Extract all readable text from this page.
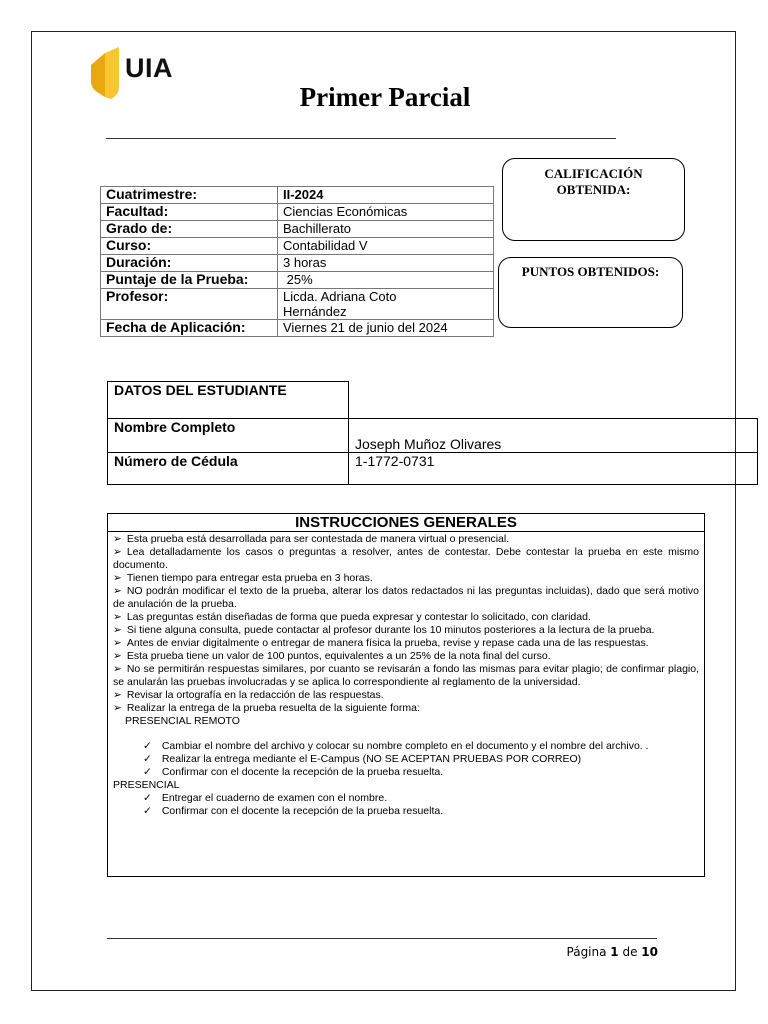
UIA
Primer Parcial
CALIFICACIÓN OBTENIDA:
PUNTOS OBTENIDOS:
Cuatrimestre:	II-2024
Facultad:	Ciencias Económicas
Grado de:	Bachillerato
Curso:	Contabilidad V
Duración:	3 horas
Puntaje de la Prueba:	25%
Profesor:	Licda. Adriana Coto Hernández
Fecha de Aplicación:	Viernes 21 de junio del 2024
DATOS DEL ESTUDIANTE	
Nombre Completo	Joseph Muñoz Olivares
Número de Cédula	1-1772-0731
INSTRUCCIONES GENERALES
➢ Esta prueba está desarrollada para ser contestada de manera virtual o presencial.
➢ Lea detalladamente los casos o preguntas a resolver, antes de contestar. Debe contestar la prueba en este mismo documento.
➢ Tienen tiempo para entregar esta prueba en 3 horas.
➢ NO podrán modificar el texto de la prueba, alterar los datos redactados ni las preguntas incluidas), dado que será motivo de anulación de la prueba.
➢ Las preguntas están diseñadas de forma que pueda expresar y contestar lo solicitado, con claridad.
➢ Si tiene alguna consulta, puede contactar al profesor durante los 10 minutos posteriores a la lectura de la prueba.
➢ Antes de enviar digitalmente o entregar de manera física la prueba, revise y repase cada una de las respuestas.
➢ Esta prueba tiene un valor de 100 puntos, equivalentes a un 25% de la nota final del curso.
➢ No se permitirán respuestas similares, por cuanto se revisarán a fondo las mismas para evitar plagio; de confirmar plagio, se anularán las pruebas involucradas y se aplica lo correspondiente al reglamento de la universidad.
➢ Revisar la ortografía en la redacción de las respuestas.
➢ Realizar la entrega de la prueba resuelta de la siguiente forma:
PRESENCIAL REMOTO
✓ Cambiar el nombre del archivo y colocar su nombre completo en el documento y el nombre del archivo. .
✓ Realizar la entrega mediante el E-Campus (NO SE ACEPTAN PRUEBAS POR CORREO)
✓ Confirmar con el docente la recepción de la prueba resuelta.
PRESENCIAL
✓ Entregar el cuaderno de examen con el nombre.
✓ Confirmar con el docente la recepción de la prueba resuelta.
Página 1 de 10
